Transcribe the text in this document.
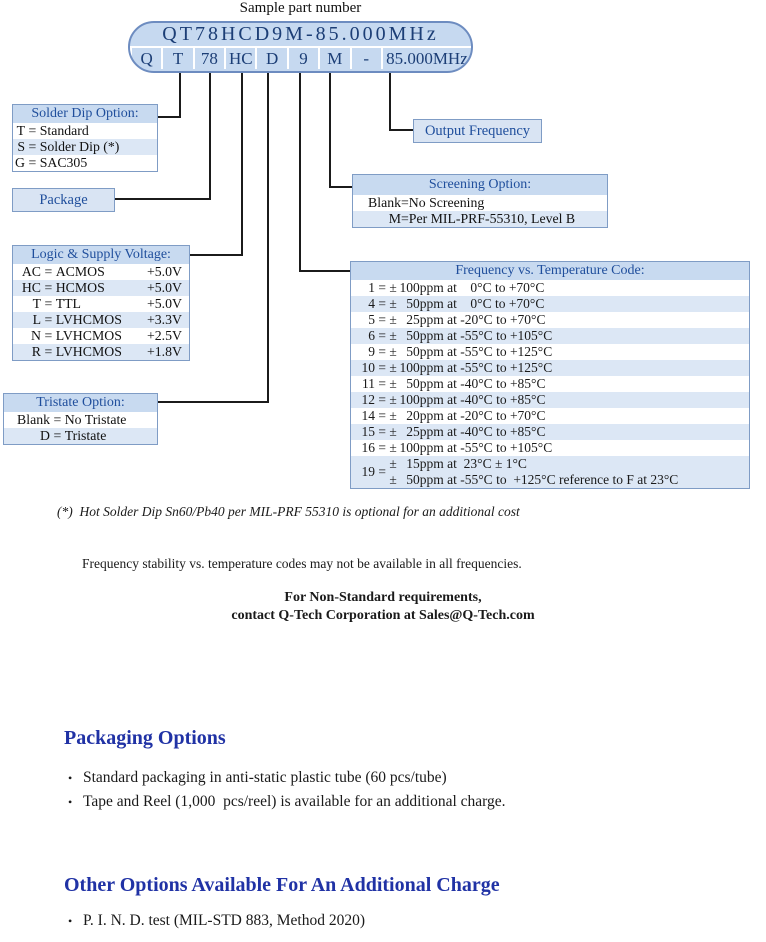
Sample part number
QT78HCD9M-85.000MHz
Q T 78 HC D 9 M - 85.000MHz
Solder Dip Option:
T = Standard
S = Solder Dip (*)
G = SAC305
Package
Logic & Supply Voltage:
AC = ACMOS	+5.0V
HC = HCMOS	+5.0V
T = TTL	+5.0V
L = LVHCMOS +3.3V
N = LVHCMOS +2.5V
R = LVHCMOS +1.8V
Tristate Option:
Blank = No Tristate
D = Tristate
Output Frequency
Screening Option:
Blank = No Screening
M = Per MIL-PRF-55310, Level B
Frequency vs. Temperature Code:
1 = ± 100 ppm at    0°C to +70°C
4 = ± 50 ppm at    0°C to +70°C
5 = ± 25 ppm at -20°C to +70°C
6 = ± 50 ppm at -55°C to +105°C
9 = ± 50 ppm at -55°C to +125°C
10 = ± 100 ppm at -55°C to +125°C
11 = ± 50 ppm at -40°C to +85°C
12 = ± 100 ppm at -40°C to +85°C
14 = ± 20 ppm at -20°C to +70°C
15 = ± 25 ppm at -40°C to +85°C
16 = ± 100 ppm at -55°C to +105°C
19 =
± 15 ppm at  23°C ± 1°C
± 50 ppm at -55°C to  +125°C reference to F at 23°C
(*)  Hot Solder Dip Sn60/Pb40 per MIL-PRF 55310 is optional for an additional cost
Frequency stability vs. temperature codes may not be available in all frequencies.
For Non-Standard requirements,
contact Q-Tech Corporation at Sales@Q-Tech.com
Packaging Options
• Standard packaging in anti-static plastic tube (60 pcs/tube)
• Tape and Reel (1,000  pcs/reel) is available for an additional charge.
Other Options Available For An Additional Charge
• P. I. N. D. test (MIL-STD 883, Method 2020)
